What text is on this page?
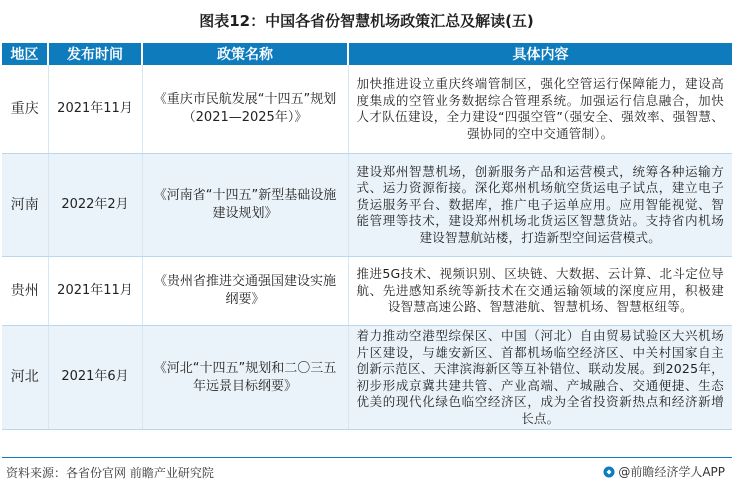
图表12：中国各省份智慧机场政策汇总及解读(五)
地区	发布时间	政策名称	具体内容
重庆	2021年11月	《重庆市民航发展“十四五”规划（2021—2025年）》	加快推进设立重庆终端管制区，强化空管运行保障能力，建设高度集成的空管业务数据综合管理系统。加强运行信息融合，加快人才队伍建设，全力建设“四强空管”（强安全、强效率、强智慧、强协同的空中交通管制）。
河南	2022年2月	《河南省“十四五”新型基础设施建设规划》	建设郑州智慧机场，创新服务产品和运营模式，统筹各种运输方式、运力资源衔接。深化郑州机场航空货运电子试点，建立电子货运服务平台、数据库，推广电子运单应用。应用智能视觉、智能管理等技术，建设郑州机场北货运区智慧货站。支持省内机场建设智慧航站楼，打造新型空间运营模式。
贵州	2021年11月	《贵州省推进交通强国建设实施纲要》	推进5G技术、视频识别、区块链、大数据、云计算、北斗定位导航、先进感知系统等新技术在交通运输领域的深度应用，积极建设智慧高速公路、智慧港航、智慧机场、智慧枢纽等。
河北	2021年6月	《河北“十四五”规划和二〇三五年远景目标纲要》	着力推动空港型综保区、中国（河北）自由贸易试验区大兴机场片区建设，与雄安新区、首都机场临空经济区、中关村国家自主创新示范区、天津滨海新区等互补错位、联动发展。到2025年，初步形成京冀共建共管、产业高端、产城融合、交通便捷、生态优美的现代化绿色临空经济区，成为全省投资新热点和经济新增长点。
资料来源：各省份官网 前瞻产业研究院	@前瞻经济学人APP
